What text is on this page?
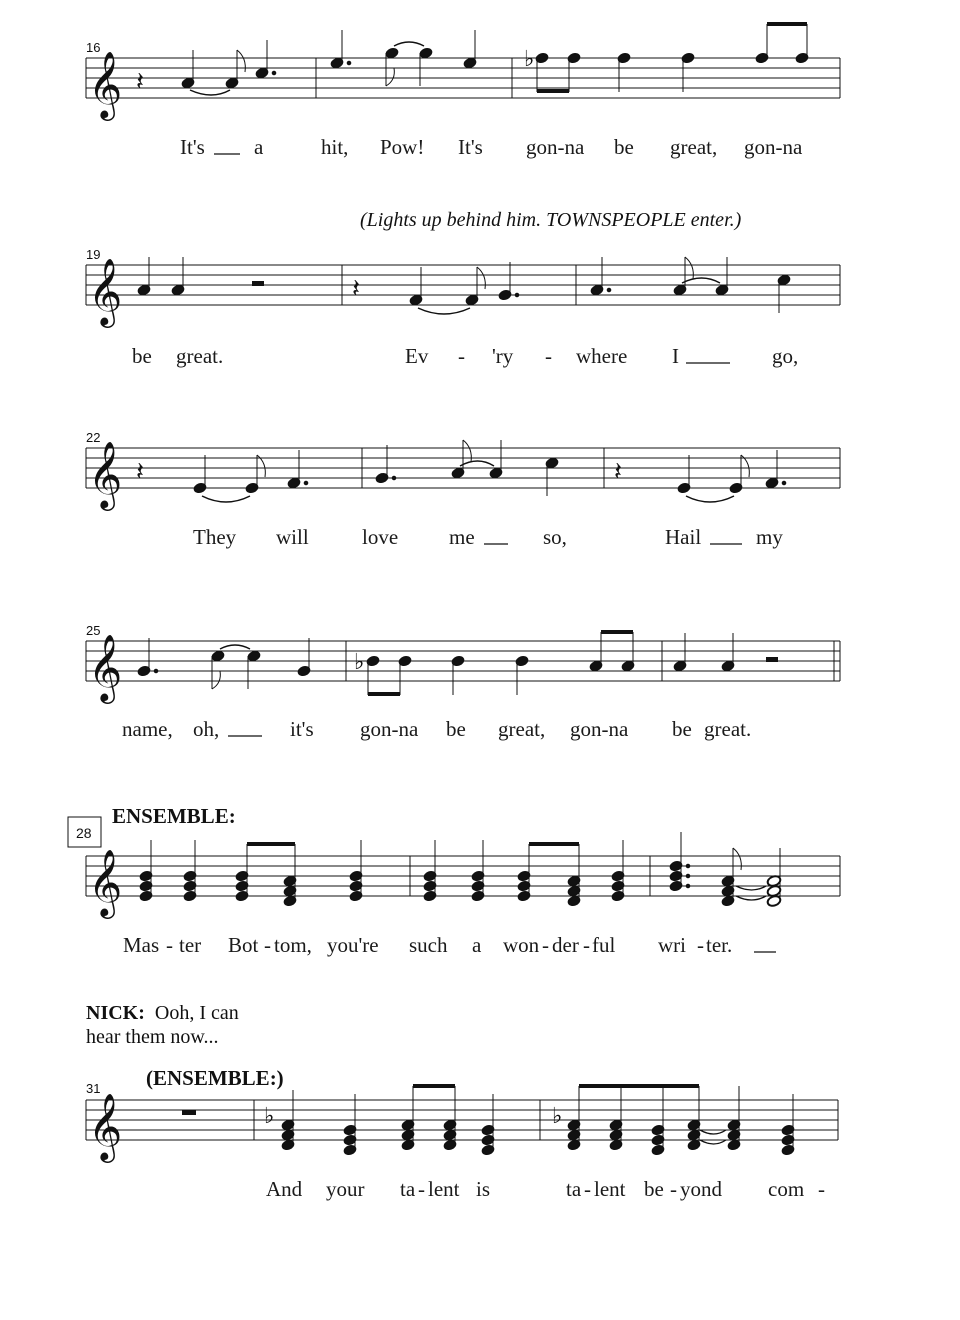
16
𝄞 𝄽
♭
It's a	hit, Pow! It's gon-na be great, gon-na
(Lights up behind him. TOWNSPEOPLE enter.)
19
𝄞	𝄽
be great.	Ev - 'ry - where I	go,
22
𝄞 𝄽	𝄽
They will	love me	so,	Hail	my
25
𝄞	♭
name, oh,	it's gon-na be great, gon-na be great.
ENSEMBLE:
28
𝄞
Mas - ter Bot - tom, you're such a won - der - ful wri - ter.
NICK: Ooh, I can
hear them now...
(ENSEMBLE:)
31
𝄞	♭	♭
And your ta - lent is	ta - lent be - yond com -
